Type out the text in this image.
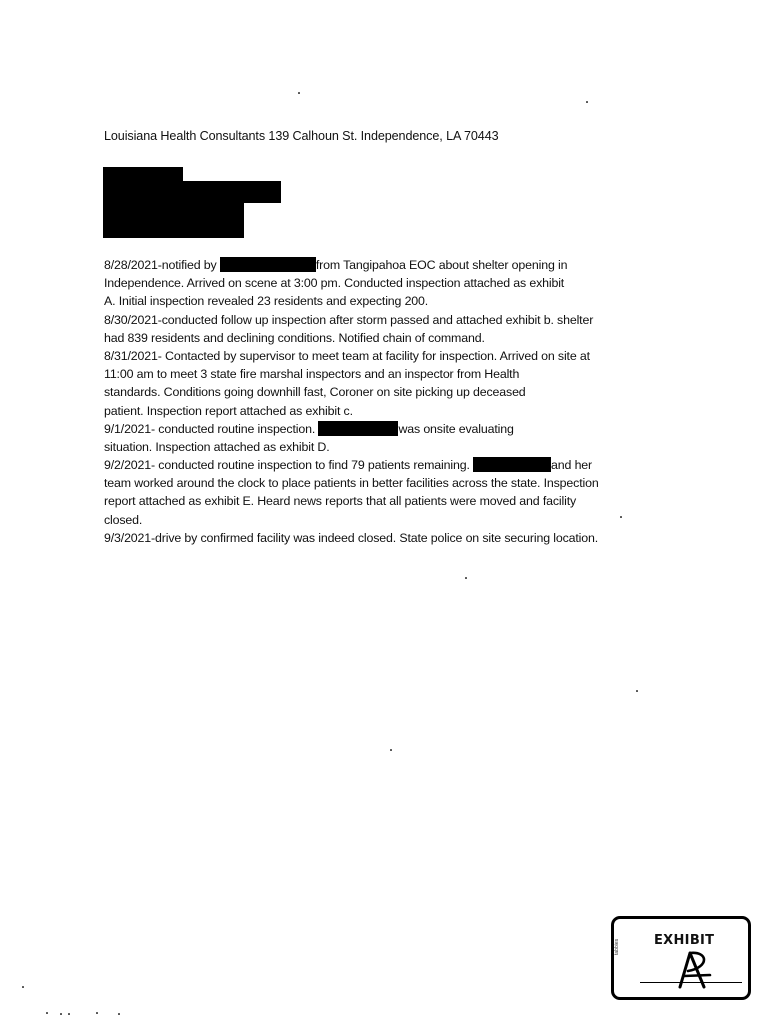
Louisiana Health Consultants 139 Calhoun St. Independence, LA 70443
8/28/2021-notified by	from Tangipahoa EOC about shelter opening in
Independence. Arrived on scene at 3:00 pm. Conducted inspection attached as exhibit
A. Initial inspection revealed 23 residents and expecting 200.
8/30/2021-conducted follow up inspection after storm passed and attached exhibit b. shelter
had 839 residents and declining conditions. Notified chain of command.
8/31/2021- Contacted by supervisor to meet team at facility for inspection. Arrived on site at
11:00 am to meet 3 state fire marshal inspectors and an inspector from Health
standards. Conditions going downhill fast, Coroner on site picking up deceased
patient. Inspection report attached as exhibit c.
9/1/2021- conducted routine inspection.	was onsite evaluating
situation. Inspection attached as exhibit D.
9/2/2021- conducted routine inspection to find 79 patients remaining.	and her
team worked around the clock to place patients in better facilities across the state. Inspection
report attached as exhibit E. Heard news reports that all patients were moved and facility
closed.
9/3/2021-drive by confirmed facility was indeed closed. State police on site securing location.
EXHIBIT
tabbies
